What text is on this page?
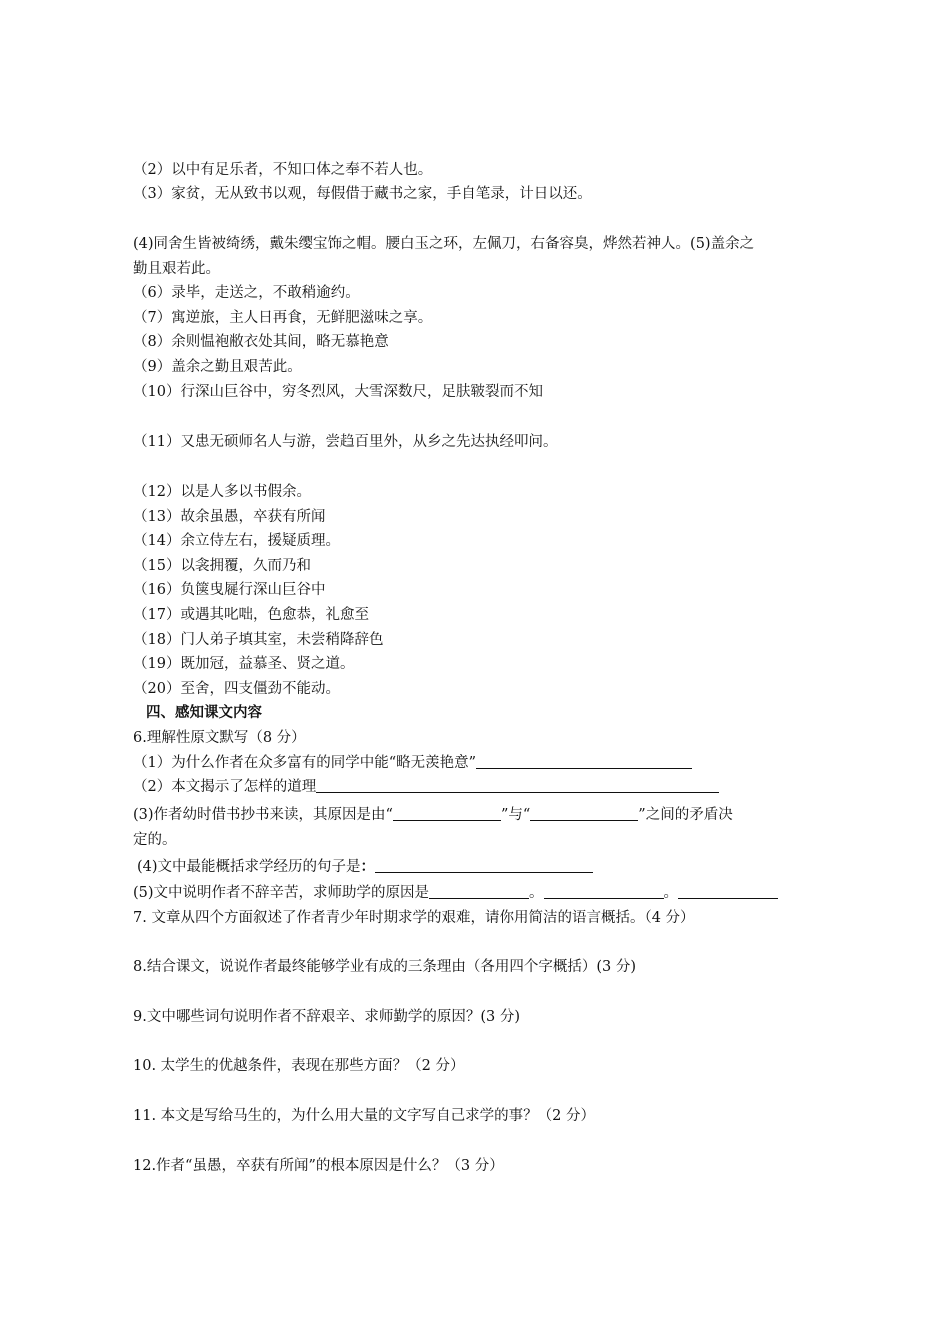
（2）以中有足乐者，不知口体之奉不若人也。
（3）家贫，无从致书以观，每假借于藏书之家，手自笔录，计日以还。
(4)同舍生皆被绮绣，戴朱缨宝饰之帽。腰白玉之环，左佩刀，右备容臭，烨然若神人。(5)盖余之
勤且艰若此。
（6）录毕，走送之，不敢稍逾约。
（7）寓逆旅，主人日再食，无鲜肥滋味之享。
（8）余则愠袍敝衣处其间，略无慕艳意
（9）盖余之勤且艰苦此。
（10）行深山巨谷中，穷冬烈风，大雪深数尺，足肤皲裂而不知
（11）又患无硕师名人与游，尝趋百里外，从乡之先达执经叩问。
（12）以是人多以书假余。
（13）故余虽愚，卒获有所闻
（14）余立侍左右，援疑质理。
（15）以衾拥覆，久而乃和
（16）负箧曳屣行深山巨谷中
（17）或遇其叱咄，色愈恭，礼愈至
（18）门人弟子填其室，未尝稍降辞色
（19）既加冠，益慕圣、贤之道。
（20）至舍，四支僵劲不能动。
四、感知课文内容
6.理解性原文默写（8 分）
（1）为什么作者在众多富有的同学中能“略无羡艳意”
（2）本文揭示了怎样的道理
(3)作者幼时借书抄书来读，其原因是由“	”与“	”之间的矛盾决
定的。
(4)文中最能概括求学经历的句子是：
(5)文中说明作者不辞辛苦，求师助学的原因是	。	。
7. 文章从四个方面叙述了作者青少年时期求学的艰难，请你用简洁的语言概括。（4 分）
8.结合课文，说说作者最终能够学业有成的三条理由（各用四个字概括）(3 分)
9.文中哪些词句说明作者不辞艰辛、求师勤学的原因？(3 分)
10. 太学生的优越条件，表现在那些方面？（2 分）
11. 本文是写给马生的，为什么用大量的文字写自己求学的事？（2 分）
12.作者“虽愚，卒获有所闻”的根本原因是什么？（3 分）
